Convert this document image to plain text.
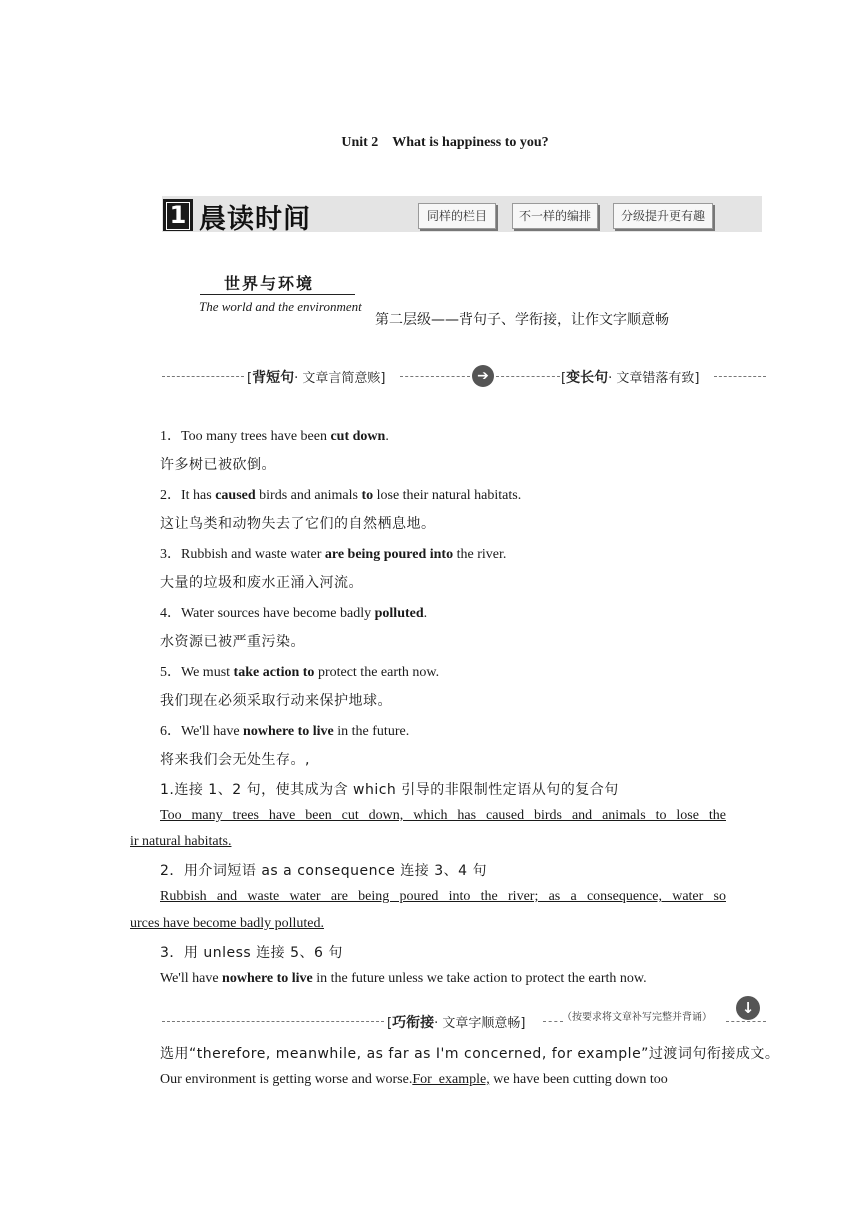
Unit 2　What is happiness to you?
1 晨读时间	同样的栏目	不一样的编排	分级提升更有趣
世界与环境
The world and the environment
第二层级——背句子、学衔接，让作文字顺意畅
[背短句· 文章言简意赅]	➔	[变长句· 文章错落有致]
1．Too many trees have been cut down.
许多树已被砍倒。
2．It has caused birds and animals to lose their natural habitats.
这让鸟类和动物失去了它们的自然栖息地。
3．Rubbish and waste water are being poured into the river.
大量的垃圾和废水正涌入河流。
4．Water sources have become badly polluted.
水资源已被严重污染。
5．We must take action to protect the earth now.
我们现在必须采取行动来保护地球。
6．We'll have nowhere to live in the future.
将来我们会无处生存。,
1.连接 1、2 句，使其成为含 which 引导的非限制性定语从句的复合句
Too many trees have been cut down, which has caused birds and animals to lose the
ir natural habitats.
2．用介词短语 as a consequence 连接 3、4 句
Rubbish and waste water are being poured into the river; as a consequence, water so
urces have become badly polluted.
3．用 unless 连接 5、6 句
We'll have nowhere to live in the future unless we take action to protect the earth now.
[巧衔接· 文章字顺意畅]	（按要求将文章补写完整并背诵）
↓
选用“therefore, meanwhile, as far as I'm concerned, for example”过渡词句衔接成文。
Our environment is getting worse and worse.For  example, we have been cutting down too
